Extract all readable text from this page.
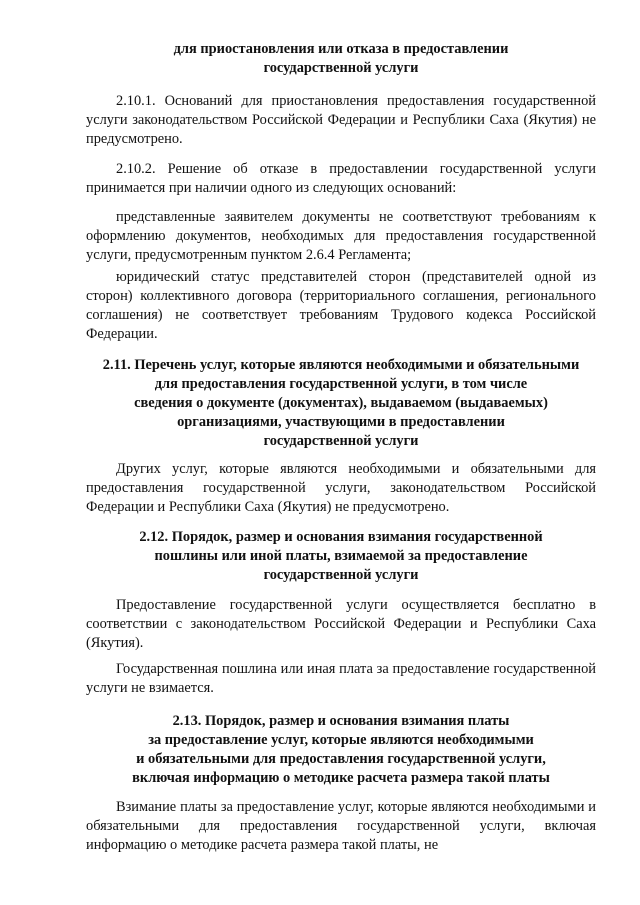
для приостановления или отказа в предоставлении
государственной услуги
2.10.1. Оснований для приостановления предоставления государственной услуги законодательством Российской Федерации и Республики Саха (Якутия) не предусмотрено.
2.10.2. Решение об отказе в предоставлении государственной услуги принимается при наличии одного из следующих оснований:
представленные заявителем документы не соответствуют требованиям к оформлению документов, необходимых для предоставления государственной услуги, предусмотренным пунктом 2.6.4 Регламента;
юридический статус представителей сторон (представителей одной из сторон) коллективного договора (территориального соглашения, регионального соглашения) не соответствует требованиям Трудового кодекса Российской Федерации.
2.11. Перечень услуг, которые являются необходимыми и обязательными
для предоставления государственной услуги, в том числе
сведения о документе (документах), выдаваемом (выдаваемых)
организациями, участвующими в предоставлении
государственной услуги
Других услуг, которые являются необходимыми и обязательными для предоставления государственной услуги, законодательством Российской Федерации и Республики Саха (Якутия) не предусмотрено.
2.12. Порядок, размер и основания взимания государственной
пошлины или иной платы, взимаемой за предоставление
государственной услуги
Предоставление государственной услуги осуществляется бесплатно в соответствии с законодательством Российской Федерации и Республики Саха (Якутия).
Государственная пошлина или иная плата за предоставление государственной услуги не взимается.
2.13. Порядок, размер и основания взимания платы
за предоставление услуг, которые являются необходимыми
и обязательными для предоставления государственной услуги,
включая информацию о методике расчета размера такой платы
Взимание платы за предоставление услуг, которые являются необходимыми и обязательными для предоставления государственной услуги, включая информацию о методике расчета размера такой платы, не
